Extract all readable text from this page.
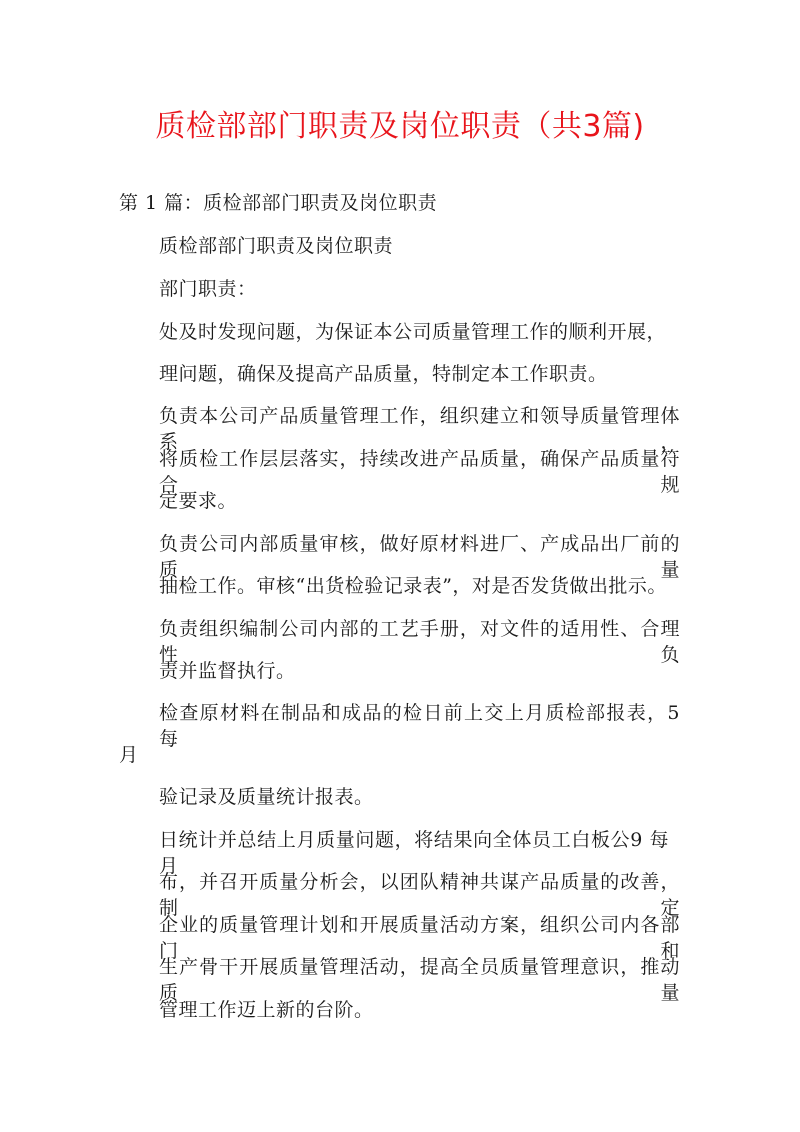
质检部部门职责及岗位职责（共3篇)
第 1 篇：质检部部门职责及岗位职责
质检部部门职责及岗位职责
部门职责：
处及时发现问题，为保证本公司质量管理工作的顺利开展，
理问题，确保及提高产品质量，特制定本工作职责。
负责本公司产品质量管理工作，组织建立和领导质量管理体系，
将质检工作层层落实，持续改进产品质量，确保产品质量符合规
定要求。
负责公司内部质量审核，做好原材料进厂、产成品出厂前的质量
抽检工作。审核“出货检验记录表”，对是否发货做出批示。
负责组织编制公司内部的工艺手册，对文件的适用性、合理性负
责并监督执行。
检查原材料在制品和成品的检日前上交上月质检部报表，5 每
月
验记录及质量统计报表。
日统计并总结上月质量问题，将结果向全体员工白板公9 每月
布，并召开质量分析会，以团队精神共谋产品质量的改善，制定
企业的质量管理计划和开展质量活动方案，组织公司内各部门和
生产骨干开展质量管理活动，提高全员质量管理意识，推动质量
管理工作迈上新的台阶。
